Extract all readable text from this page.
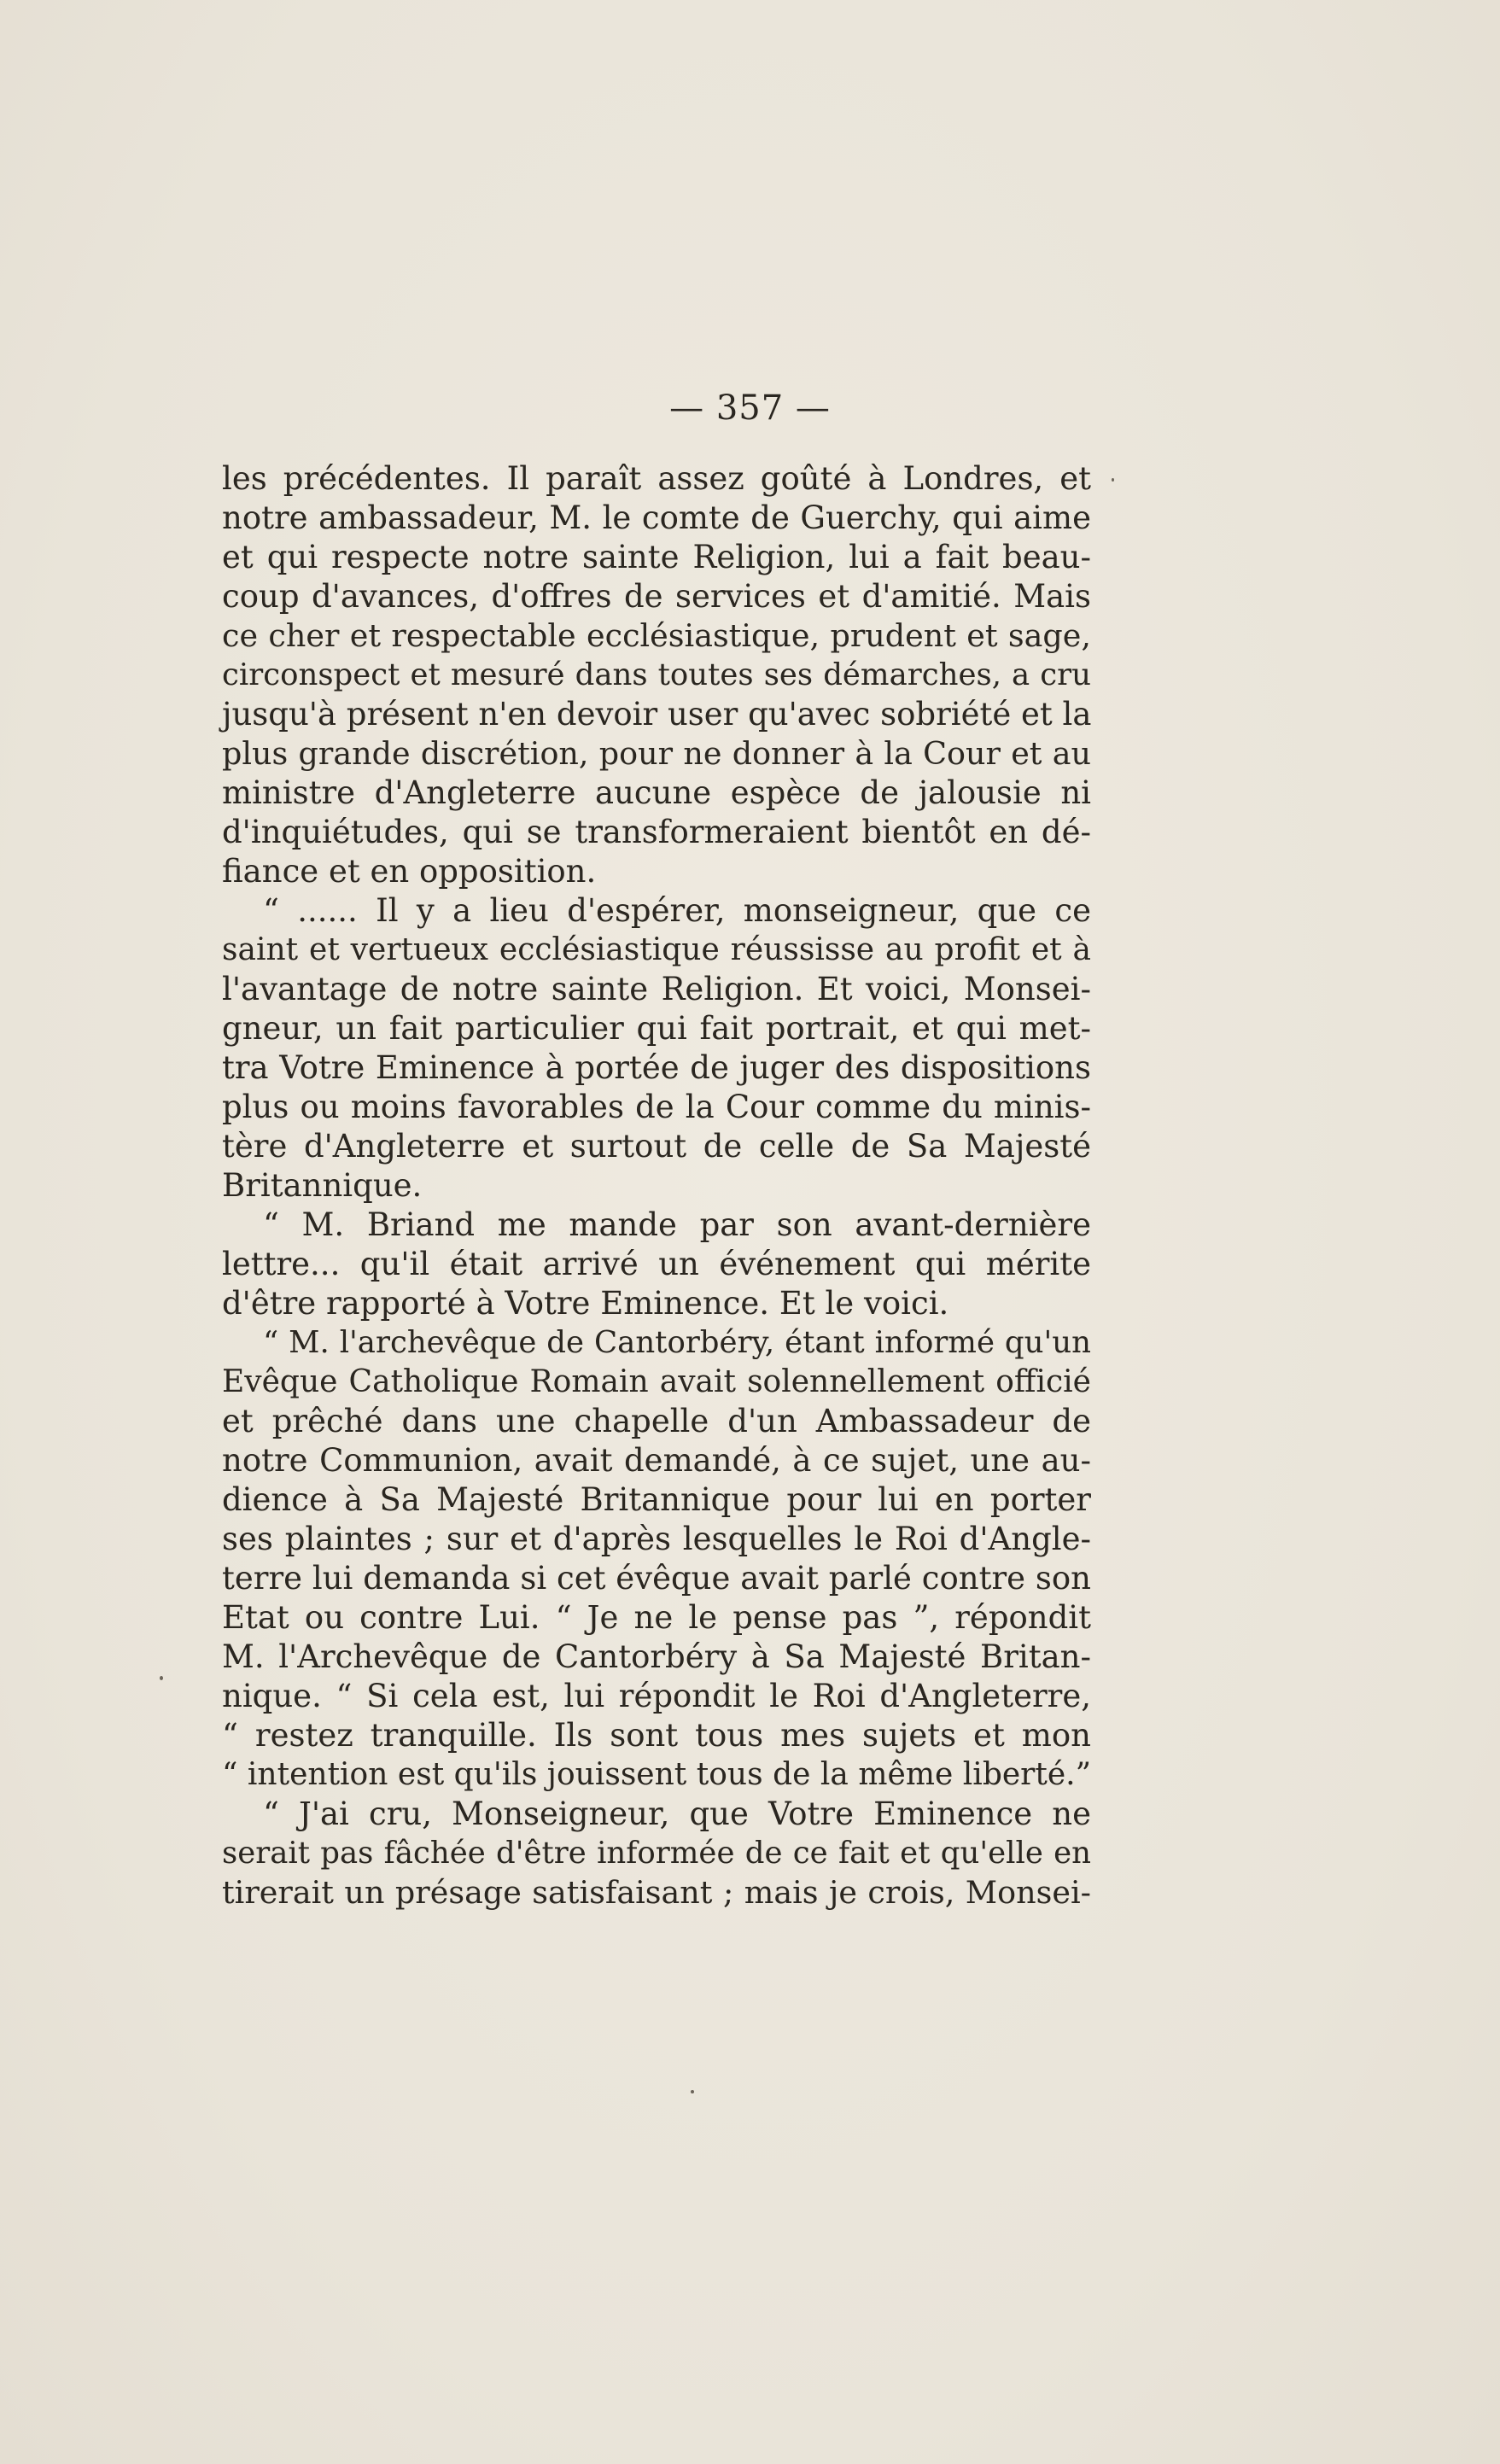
— 357 —
les précédentes. Il paraît assez goûté à Londres, et
notre ambassadeur, M. le comte de Guerchy, qui aime
et qui respecte notre sainte Religion, lui a fait beau-
coup d'avances, d'offres de services et d'amitié. Mais
ce cher et respectable ecclésiastique, prudent et sage,
circonspect et mesuré dans toutes ses démarches, a cru
jusqu'à présent n'en devoir user qu'avec sobriété et la
plus grande discrétion, pour ne donner à la Cour et au
ministre d'Angleterre aucune espèce de jalousie ni
d'inquiétudes, qui se transformeraient bientôt en dé-
fiance et en opposition.
“ ...... Il y a lieu d'espérer, monseigneur, que ce
saint et vertueux ecclésiastique réussisse au profit et à
l'avantage de notre sainte Religion. Et voici, Monsei-
gneur, un fait particulier qui fait portrait, et qui met-
tra Votre Eminence à portée de juger des dispositions
plus ou moins favorables de la Cour comme du minis-
tère d'Angleterre et surtout de celle de Sa Majesté
Britannique.
“ M. Briand me mande par son avant-dernière
lettre... qu'il était arrivé un événement qui mérite
d'être rapporté à Votre Eminence. Et le voici.
“ M. l'archevêque de Cantorbéry, étant informé qu'un
Evêque Catholique Romain avait solennellement officié
et prêché dans une chapelle d'un Ambassadeur de
notre Communion, avait demandé, à ce sujet, une au-
dience à Sa Majesté Britannique pour lui en porter
ses plaintes ; sur et d'après lesquelles le Roi d'Angle-
terre lui demanda si cet évêque avait parlé contre son
Etat ou contre Lui. “ Je ne le pense pas ”, répondit
M. l'Archevêque de Cantorbéry à Sa Majesté Britan-
nique. “ Si cela est, lui répondit le Roi d'Angleterre,
“ restez tranquille. Ils sont tous mes sujets et mon
“ intention est qu'ils jouissent tous de la même liberté.”
“ J'ai cru, Monseigneur, que Votre Eminence ne
serait pas fâchée d'être informée de ce fait et qu'elle en
tirerait un présage satisfaisant ; mais je crois, Monsei-
